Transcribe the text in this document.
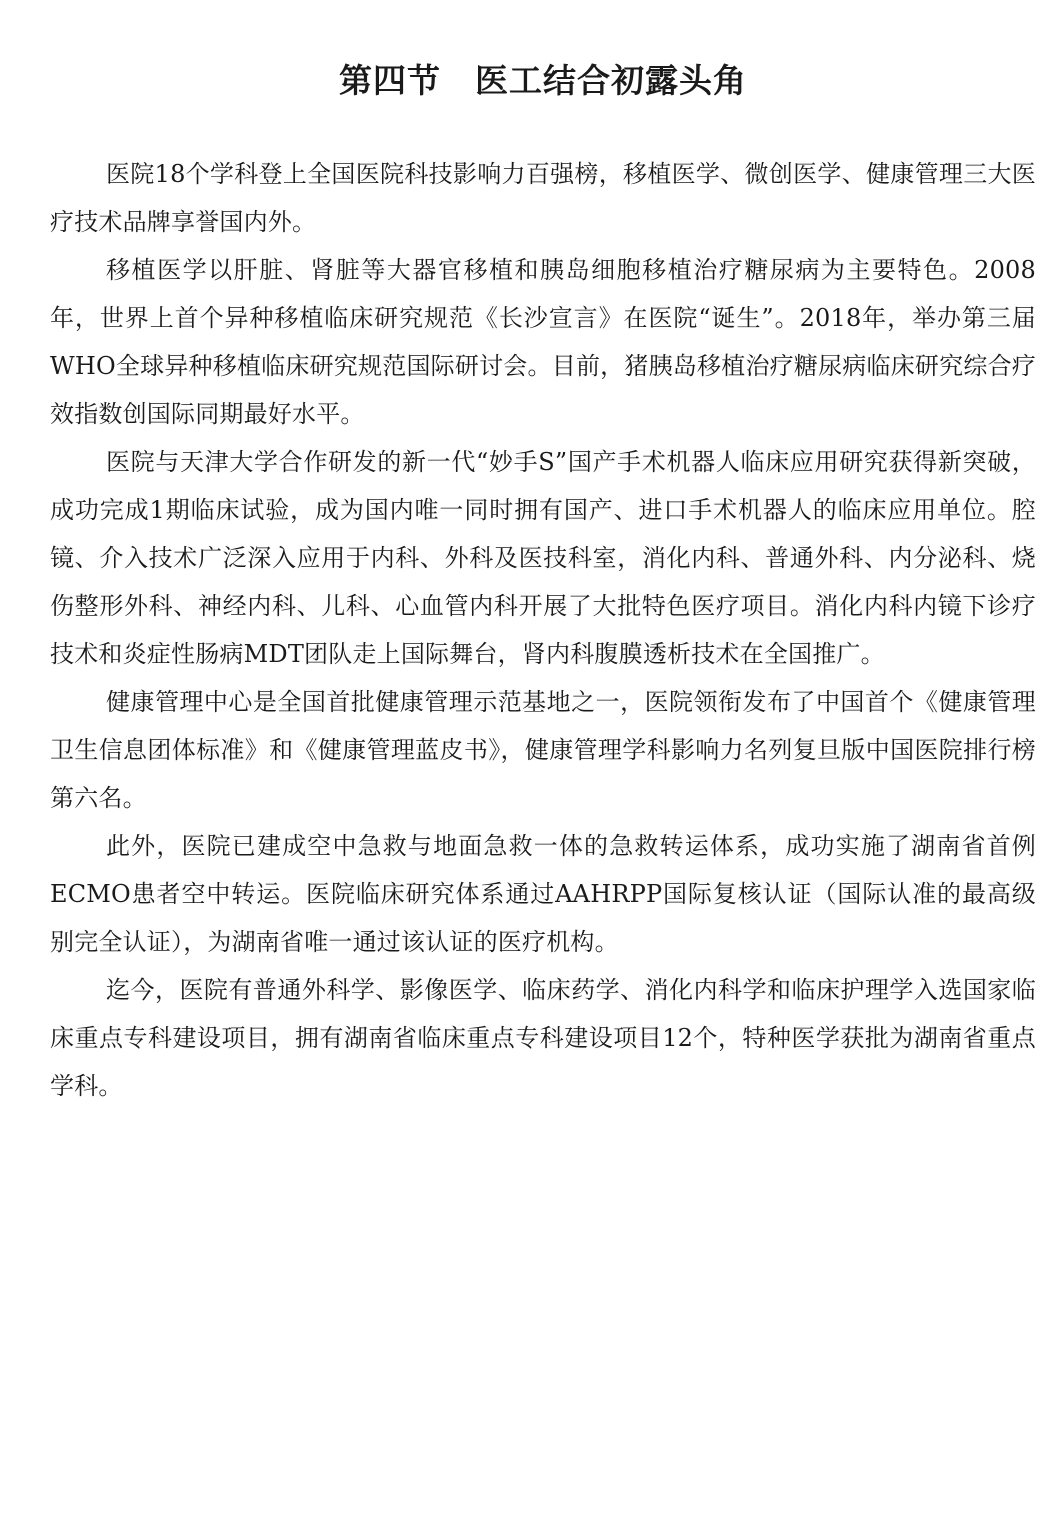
第四节　医工结合初露头角

医院18个学科登上全国医院科技影响力百强榜，移植医学、微创医学、健康管理三大医疗技术品牌享誉国内外。

移植医学以肝脏、肾脏等大器官移植和胰岛细胞移植治疗糖尿病为主要特色。2008年，世界上首个异种移植临床研究规范《长沙宣言》在医院“诞生”。2018年，举办第三届WHO全球异种移植临床研究规范国际研讨会。目前，猪胰岛移植治疗糖尿病临床研究综合疗效指数创国际同期最好水平。

医院与天津大学合作研发的新一代“妙手S”国产手术机器人临床应用研究获得新突破，成功完成1期临床试验，成为国内唯一同时拥有国产、进口手术机器人的临床应用单位。腔镜、介入技术广泛深入应用于内科、外科及医技科室，消化内科、普通外科、内分泌科、烧伤整形外科、神经内科、儿科、心血管内科开展了大批特色医疗项目。消化内科内镜下诊疗技术和炎症性肠病MDT团队走上国际舞台，肾内科腹膜透析技术在全国推广。

健康管理中心是全国首批健康管理示范基地之一，医院领衔发布了中国首个《健康管理卫生信息团体标准》和《健康管理蓝皮书》，健康管理学科影响力名列复旦版中国医院排行榜第六名。

此外，医院已建成空中急救与地面急救一体的急救转运体系，成功实施了湖南省首例ECMO患者空中转运。医院临床研究体系通过AAHRPP国际复核认证（国际认准的最高级别完全认证），为湖南省唯一通过该认证的医疗机构。

迄今，医院有普通外科学、影像医学、临床药学、消化内科学和临床护理学入选国家临床重点专科建设项目，拥有湖南省临床重点专科建设项目12个，特种医学获批为湖南省重点学科。
